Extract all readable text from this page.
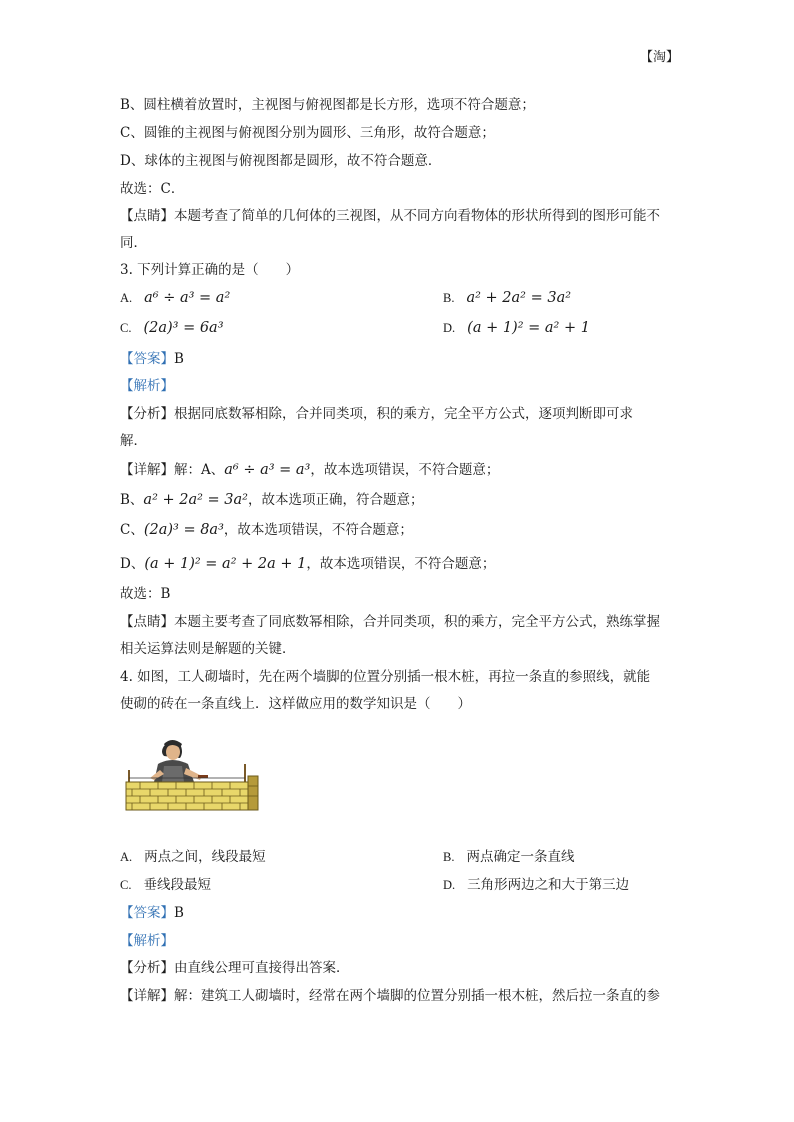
【淘】
B、圆柱横着放置时，主视图与俯视图都是长方形，选项不符合题意；
C、圆锥的主视图与俯视图分别为圆形、三角形，故符合题意；
D、球体的主视图与俯视图都是圆形，故不符合题意．
故选：C．
【点睛】本题考查了简单的几何体的三视图，从不同方向看物体的形状所得到的图形可能不
同．
3. 下列计算正确的是（　　）
A. a⁶ ÷ a³ = a²	B. a² + 2a² = 3a²
C. (2a)³ = 6a³	D. (a + 1)² = a² + 1
【答案】B
【解析】
【分析】根据同底数幂相除，合并同类项，积的乘方，完全平方公式，逐项判断即可求
解．
【详解】解：A、a⁶ ÷ a³ = a³，故本选项错误，不符合题意；
B、a² + 2a² = 3a²，故本选项正确，符合题意；
C、(2a)³ = 8a³，故本选项错误，不符合题意；
D、(a + 1)² = a² + 2a + 1，故本选项错误，不符合题意；
故选：B
【点睛】本题主要考查了同底数幂相除，合并同类项，积的乘方，完全平方公式，熟练掌握
相关运算法则是解题的关键．
4. 如图，工人砌墙时，先在两个墙脚的位置分别插一根木桩，再拉一条直的参照线，就能
使砌的砖在一条直线上．这样做应用的数学知识是（　　）
A. 两点之间，线段最短	B. 两点确定一条直线
C. 垂线段最短	D. 三角形两边之和大于第三边
【答案】B
【解析】
【分析】由直线公理可直接得出答案．
【详解】解：建筑工人砌墙时，经常在两个墙脚的位置分别插一根木桩，然后拉一条直的参
